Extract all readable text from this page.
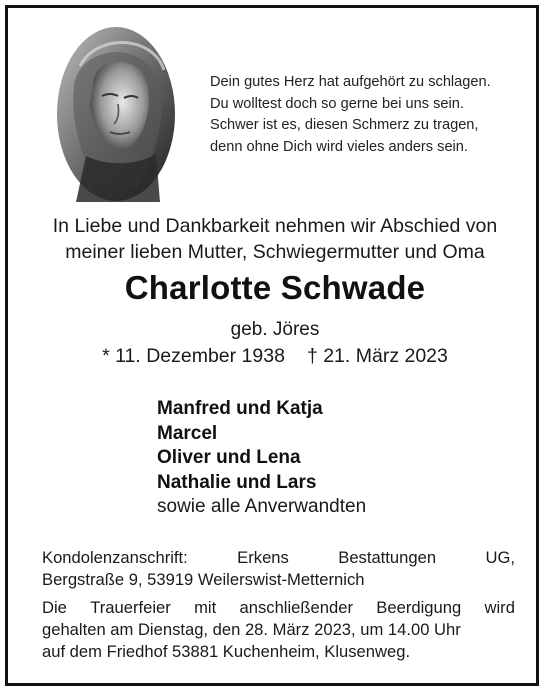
Dein gutes Herz hat aufgehört zu schlagen.
Du wolltest doch so gerne bei uns sein.
Schwer ist es, diesen Schmerz zu tragen,
denn ohne Dich wird vieles anders sein.
In Liebe und Dankbarkeit nehmen wir Abschied von
meiner lieben Mutter, Schwiegermutter und Oma
Charlotte Schwade
geb. Jöres
* 11. Dezember 1938 † 21. März 2023
Manfred und Katja
Marcel
Oliver und Lena
Nathalie und Lars
sowie alle Anverwandten
Kondolenzanschrift:	Erkens	Bestattungen	UG,
Bergstraße 9, 53919 Weilerswist-Metternich
Die Trauerfeier mit anschließender Beerdigung wird
gehalten am Dienstag, den 28. März 2023, um 14.00 Uhr
auf dem Friedhof 53881 Kuchenheim, Klusenweg.
